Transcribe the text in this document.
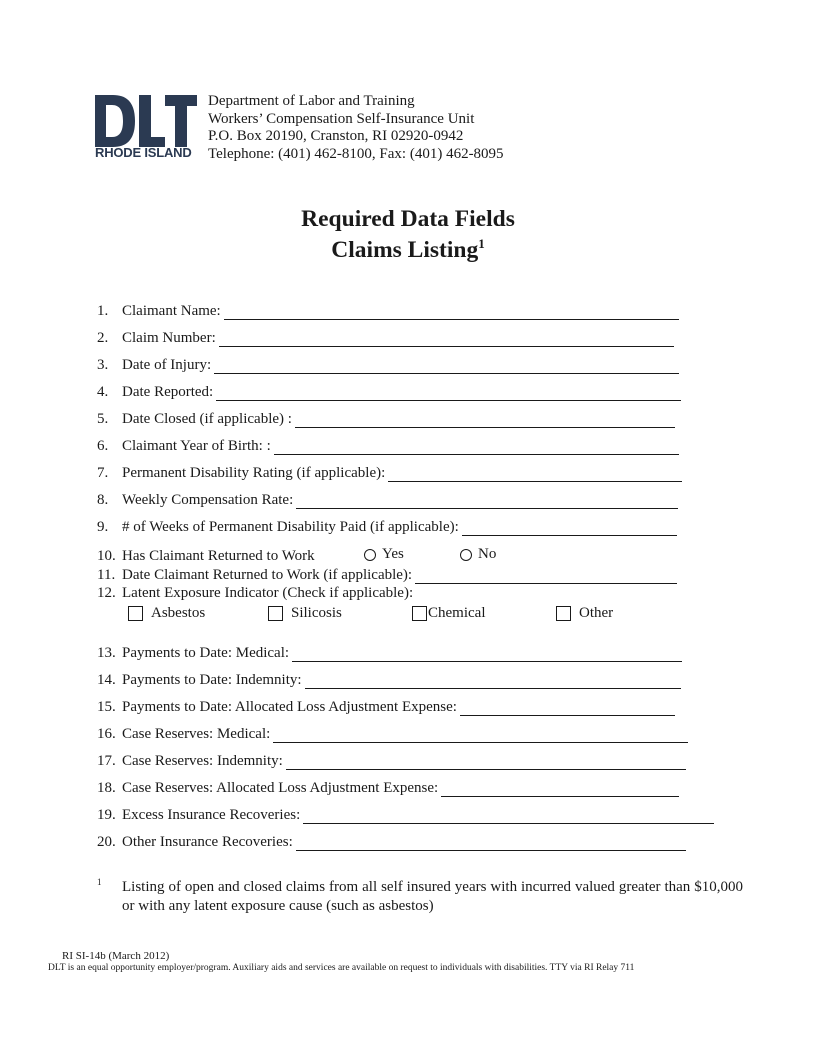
RHODE ISLAND
Department of Labor and Training
Workers’ Compensation Self-Insurance Unit
P.O. Box 20190, Cranston, RI 02920-0942
Telephone: (401) 462-8100, Fax: (401) 462-8095
Required Data Fields
Claims Listing$^1$
1. Claimant Name:
2. Claim Number:
3. Date of Injury:
4. Date Reported:
5. Date Closed (if applicable) :
6. Claimant Year of Birth: :
7. Permanent Disability Rating (if applicable):
8. Weekly Compensation Rate:
9. # of Weeks of Permanent Disability Paid (if applicable):
10. Has Claimant Returned to Work	Yes	No
11. Date Claimant Returned to Work (if applicable):
12. Latent Exposure Indicator (Check if applicable):
Asbestos	Silicosis	Chemical	Other
13. Payments to Date: Medical:
14. Payments to Date: Indemnity:
15. Payments to Date: Allocated Loss Adjustment Expense:
16. Case Reserves: Medical:
17. Case Reserves: Indemnity:
18. Case Reserves: Allocated Loss Adjustment Expense:
19. Excess Insurance Recoveries:
20. Other Insurance Recoveries:
1 Listing of open and closed claims from all self insured years with incurred valued greater than $10,000 or with any latent exposure cause (such as asbestos)
RI SI-14b (March 2012)
DLT is an equal opportunity employer/program. Auxiliary aids and services are available on request to individuals with disabilities. TTY via RI Relay 711
